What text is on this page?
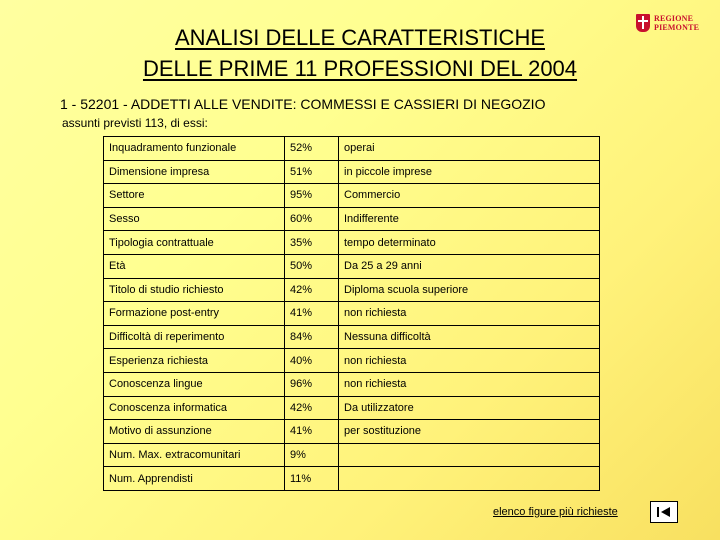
ANALISI DELLE CARATTERISTICHE
DELLE PRIME 11 PROFESSIONI DEL 2004
REGIONE
PIEMONTE
1 - 52201 - ADDETTI ALLE VENDITE: COMMESSI E CASSIERI DI NEGOZIO
assunti previsti 113, di essi:
Inquadramento funzionale	52%	operai
Dimensione impresa	51%	in piccole imprese
Settore	95%	Commercio
Sesso	60%	Indifferente
Tipologia contrattuale	35%	tempo determinato
Età	50%	Da 25 a 29 anni
Titolo di studio richiesto	42%	Diploma scuola superiore
Formazione post-entry	41%	non richiesta
Difficoltà di reperimento	84%	Nessuna difficoltà
Esperienza richiesta	40%	non richiesta
Conoscenza lingue	96%	non richiesta
Conoscenza informatica	42%	Da utilizzatore
Motivo di assunzione	41%	per sostituzione
Num. Max. extracomunitari	9%	
Num. Apprendisti	11%	
elenco figure più richieste
